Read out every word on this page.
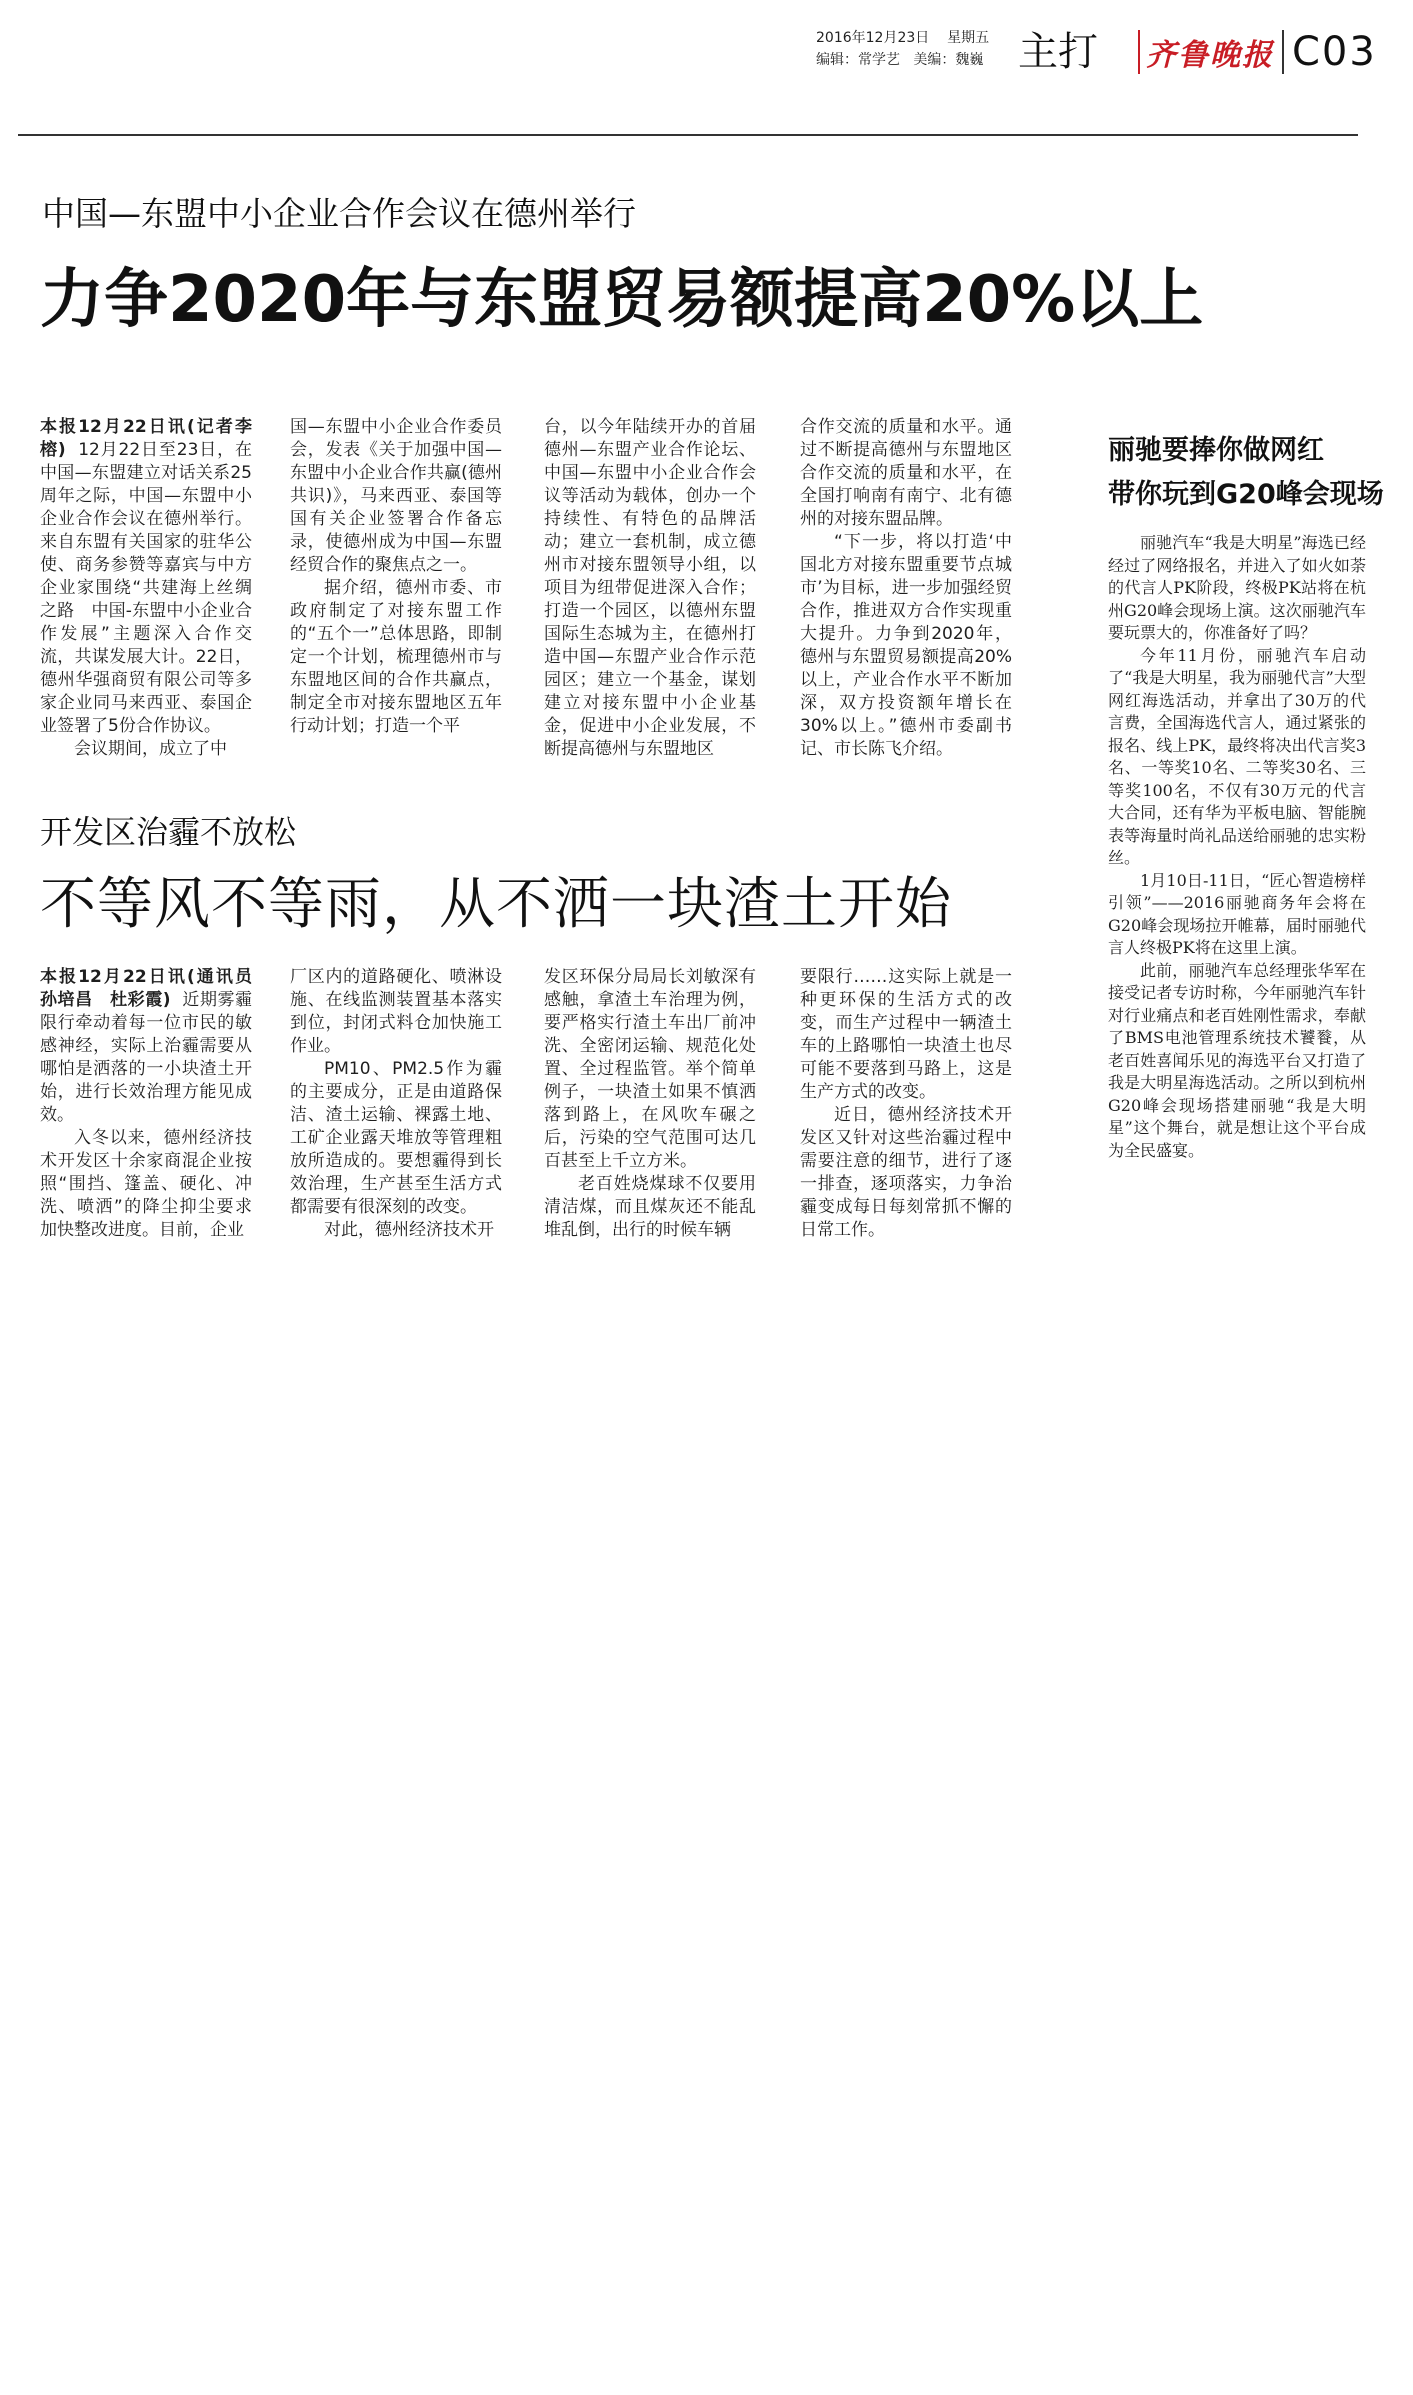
2016年12月23日 星期五
编辑：常学艺 美编：魏巍 主打 齐鲁晚报 C03
中国—东盟中小企业合作会议在德州举行
力争2020年与东盟贸易额提高20%以上

本报12月22日讯(记者李榕) 12月22日至23日，在中国—东盟建立对话关系25周年之际，中国—东盟中小企业合作会议在德州举行。来自东盟有关国家的驻华公使、商务参赞等嘉宾与中方企业家围绕“共建海上丝绸之路　中国-东盟中小企业合作发展”主题深入合作交流，共谋发展大计。22日，德州华强商贸有限公司等多家企业同马来西亚、泰国企业签署了5份合作协议。

会议期间，成立了中

国—东盟中小企业合作委员会，发表《关于加强中国—东盟中小企业合作共赢(德州共识)》，马来西亚、泰国等国有关企业签署合作备忘录，使德州成为中国—东盟经贸合作的聚焦点之一。

据介绍，德州市委、市政府制定了对接东盟工作的“五个一”总体思路，即制定一个计划，梳理德州市与东盟地区间的合作共赢点，制定全市对接东盟地区五年行动计划；打造一个平

台，以今年陆续开办的首届德州—东盟产业合作论坛、中国—东盟中小企业合作会议等活动为载体，创办一个持续性、有特色的品牌活动；建立一套机制，成立德州市对接东盟领导小组，以项目为纽带促进深入合作；打造一个园区，以德州东盟国际生态城为主，在德州打造中国—东盟产业合作示范园区；建立一个基金，谋划建立对接东盟中小企业基金，促进中小企业发展，不断提高德州与东盟地区

合作交流的质量和水平。通过不断提高德州与东盟地区合作交流的质量和水平，在全国打响南有南宁、北有德州的对接东盟品牌。

“下一步，将以打造‘中国北方对接东盟重要节点城市’为目标，进一步加强经贸合作，推进双方合作实现重大提升。力争到2020年，德州与东盟贸易额提高20%以上，产业合作水平不断加深，双方投资额年增长在30%以上。”德州市委副书记、市长陈飞介绍。

开发区治霾不放松
不等风不等雨，从不洒一块渣土开始

本报12月22日讯(通讯员 孙培昌　杜彩霞) 近期雾霾限行牵动着每一位市民的敏感神经，实际上治霾需要从哪怕是洒落的一小块渣土开始，进行长效治理方能见成效。

入冬以来，德州经济技术开发区十余家商混企业按照“围挡、篷盖、硬化、冲洗、喷洒”的降尘抑尘要求加快整改进度。目前，企业

厂区内的道路硬化、喷淋设施、在线监测装置基本落实到位，封闭式料仓加快施工作业。

PM10、PM2.5作为霾的主要成分，正是由道路保洁、渣土运输、裸露土地、工矿企业露天堆放等管理粗放所造成的。要想霾得到长效治理，生产甚至生活方式都需要有很深刻的改变。

对此，德州经济技术开

发区环保分局局长刘敏深有感触，拿渣土车治理为例，要严格实行渣土车出厂前冲洗、全密闭运输、规范化处置、全过程监管。举个简单例子，一块渣土如果不慎洒落到路上，在风吹车碾之后，污染的空气范围可达几百甚至上千立方米。

老百姓烧煤球不仅要用清洁煤，而且煤灰还不能乱堆乱倒，出行的时候车辆

要限行……这实际上就是一种更环保的生活方式的改变，而生产过程中一辆渣土车的上路哪怕一块渣土也尽可能不要落到马路上，这是生产方式的改变。

近日，德州经济技术开发区又针对这些治霾过程中需要注意的细节，进行了逐一排查，逐项落实，力争治霾变成每日每刻常抓不懈的日常工作。

丽驰要捧你做网红
带你玩到G20峰会现场

丽驰汽车“我是大明星”海选已经经过了网络报名，并进入了如火如荼的代言人PK阶段，终极PK站将在杭州G20峰会现场上演。这次丽驰汽车要玩票大的，你准备好了吗？

今年11月份，丽驰汽车启动了“我是大明星，我为丽驰代言”大型网红海选活动，并拿出了30万的代言费，全国海选代言人，通过紧张的报名、线上PK，最终将决出代言奖3名、一等奖10名、二等奖30名、三等奖100名，不仅有30万元的代言大合同，还有华为平板电脑、智能腕表等海量时尚礼品送给丽驰的忠实粉丝。

1月10日-11日，“匠心智造榜样引领”——2016丽驰商务年会将在G20峰会现场拉开帷幕，届时丽驰代言人终极PK将在这里上演。

此前，丽驰汽车总经理张华军在接受记者专访时称，今年丽驰汽车针对行业痛点和老百姓刚性需求，奉献了BMS电池管理系统技术饕餮，从老百姓喜闻乐见的海选平台又打造了我是大明星海选活动。之所以到杭州G20峰会现场搭建丽驰“我是大明星”这个舞台，就是想让这个平台成为全民盛宴。
